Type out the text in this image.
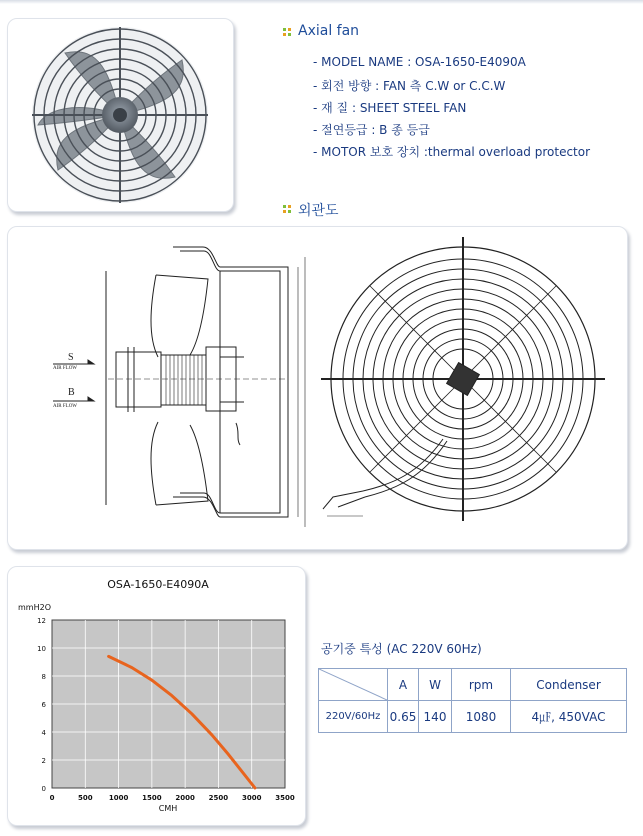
Axial fan
- MODEL NAME : OSA-1650-E4090A
- 회전 방향 : FAN 측 C.W or C.C.W
- 재 질 : SHEET STEEL FAN
- 절연등급 : B 종 등급
- MOTOR 보호 장치 :thermal overload protector
외관도
S
AIR FLOW
B
AIR FLOW
OSA-1650-E4090A
mmH2O
CMH
0
2
4
6
8
10
12
0	500 1000 1500 2000 2500 3000 3500
공기중 특성 (AC 220V 60Hz)
	A	W	rpm	Condenser
220V/60Hz	0.65	140	1080	4㎌, 450VAC
